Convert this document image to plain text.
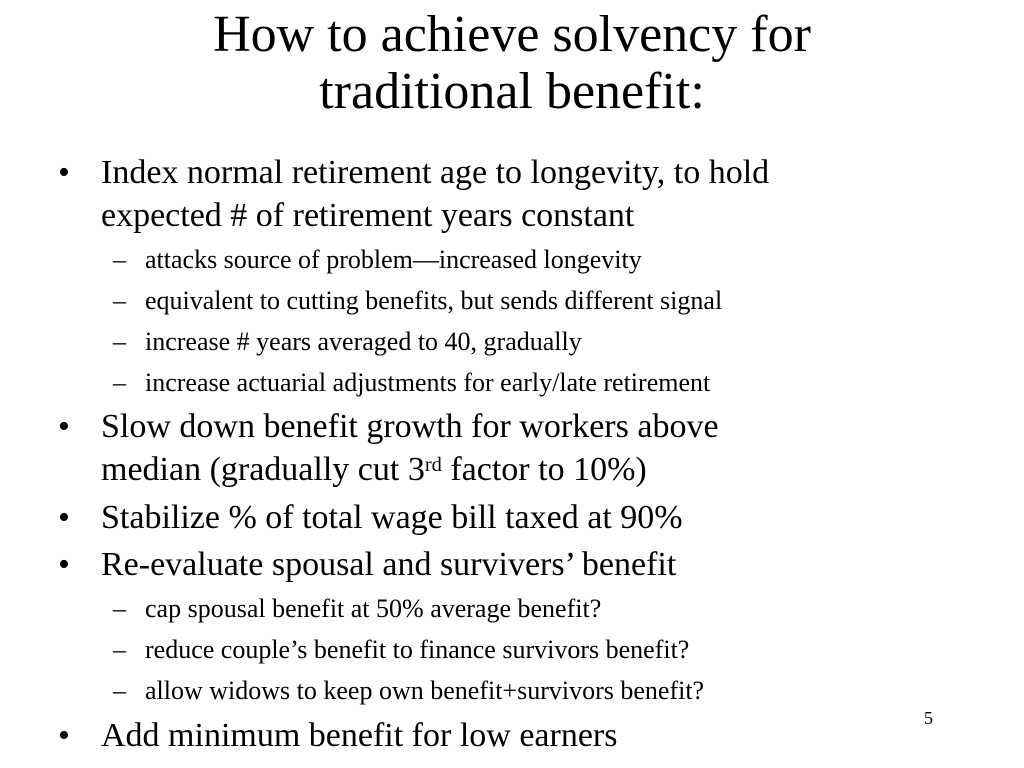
How to achieve solvency for
traditional benefit:
• Index normal retirement age to longevity, to hold
expected # of retirement years constant
– attacks source of problem—increased longevity
– equivalent to cutting benefits, but sends different signal
– increase # years averaged to 40, gradually
– increase actuarial adjustments for early/late retirement
• Slow down benefit growth for workers above
median (gradually cut 3rd factor to 10%)
• Stabilize % of total wage bill taxed at 90%
• Re-evaluate spousal and survivers’ benefit
– cap spousal benefit at 50% average benefit?
– reduce couple’s benefit to finance survivors benefit?
– allow widows to keep own benefit+survivors benefit?
• Add minimum benefit for low earners	5
